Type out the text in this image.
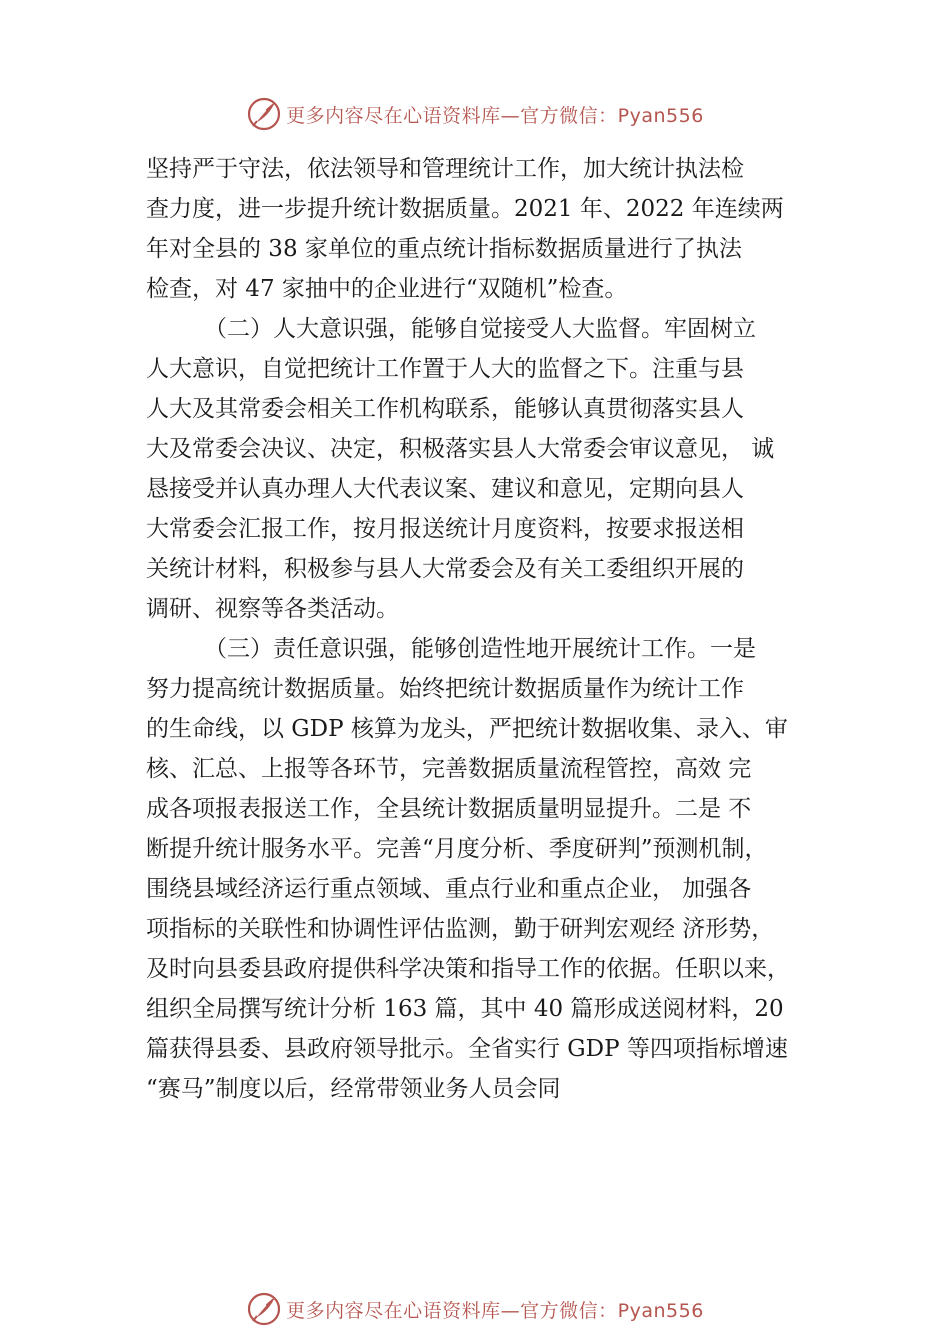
更多内容尽在心语资料库—官方微信：Pyan556
坚持严于守法，依法领导和管理统计工作，加大统计执法检
查力度，进一步提升统计数据质量。2021 年、2022 年连续两
年对全县的 38 家单位的重点统计指标数据质量进行了执法
检查，对 47 家抽中的企业进行“双随机”检查。
（二）人大意识强，能够自觉接受人大监督。牢固树立
人大意识，自觉把统计工作置于人大的监督之下。注重与县
人大及其常委会相关工作机构联系，能够认真贯彻落实县人
大及常委会决议、决定，积极落实县人大常委会审议意见， 诚
恳接受并认真办理人大代表议案、建议和意见，定期向县人
大常委会汇报工作，按月报送统计月度资料，按要求报送相
关统计材料，积极参与县人大常委会及有关工委组织开展的
调研、视察等各类活动。
（三）责任意识强，能够创造性地开展统计工作。一是
努力提高统计数据质量。始终把统计数据质量作为统计工作
的生命线，以 GDP 核算为龙头，严把统计数据收集、录入、审
核、汇总、上报等各环节，完善数据质量流程管控，高效 完
成各项报表报送工作，全县统计数据质量明显提升。二是 不
断提升统计服务水平。完善“月度分析、季度研判”预测机制，
围绕县域经济运行重点领域、重点行业和重点企业， 加强各
项指标的关联性和协调性评估监测，勤于研判宏观经 济形势，
及时向县委县政府提供科学决策和指导工作的依据。任职以来，
组织全局撰写统计分析 163 篇，其中 40 篇形成送阅材料，20
篇获得县委、县政府领导批示。全省实行 GDP 等四项指标增速
“赛马”制度以后，经常带领业务人员会同
更多内容尽在心语资料库—官方微信：Pyan556
